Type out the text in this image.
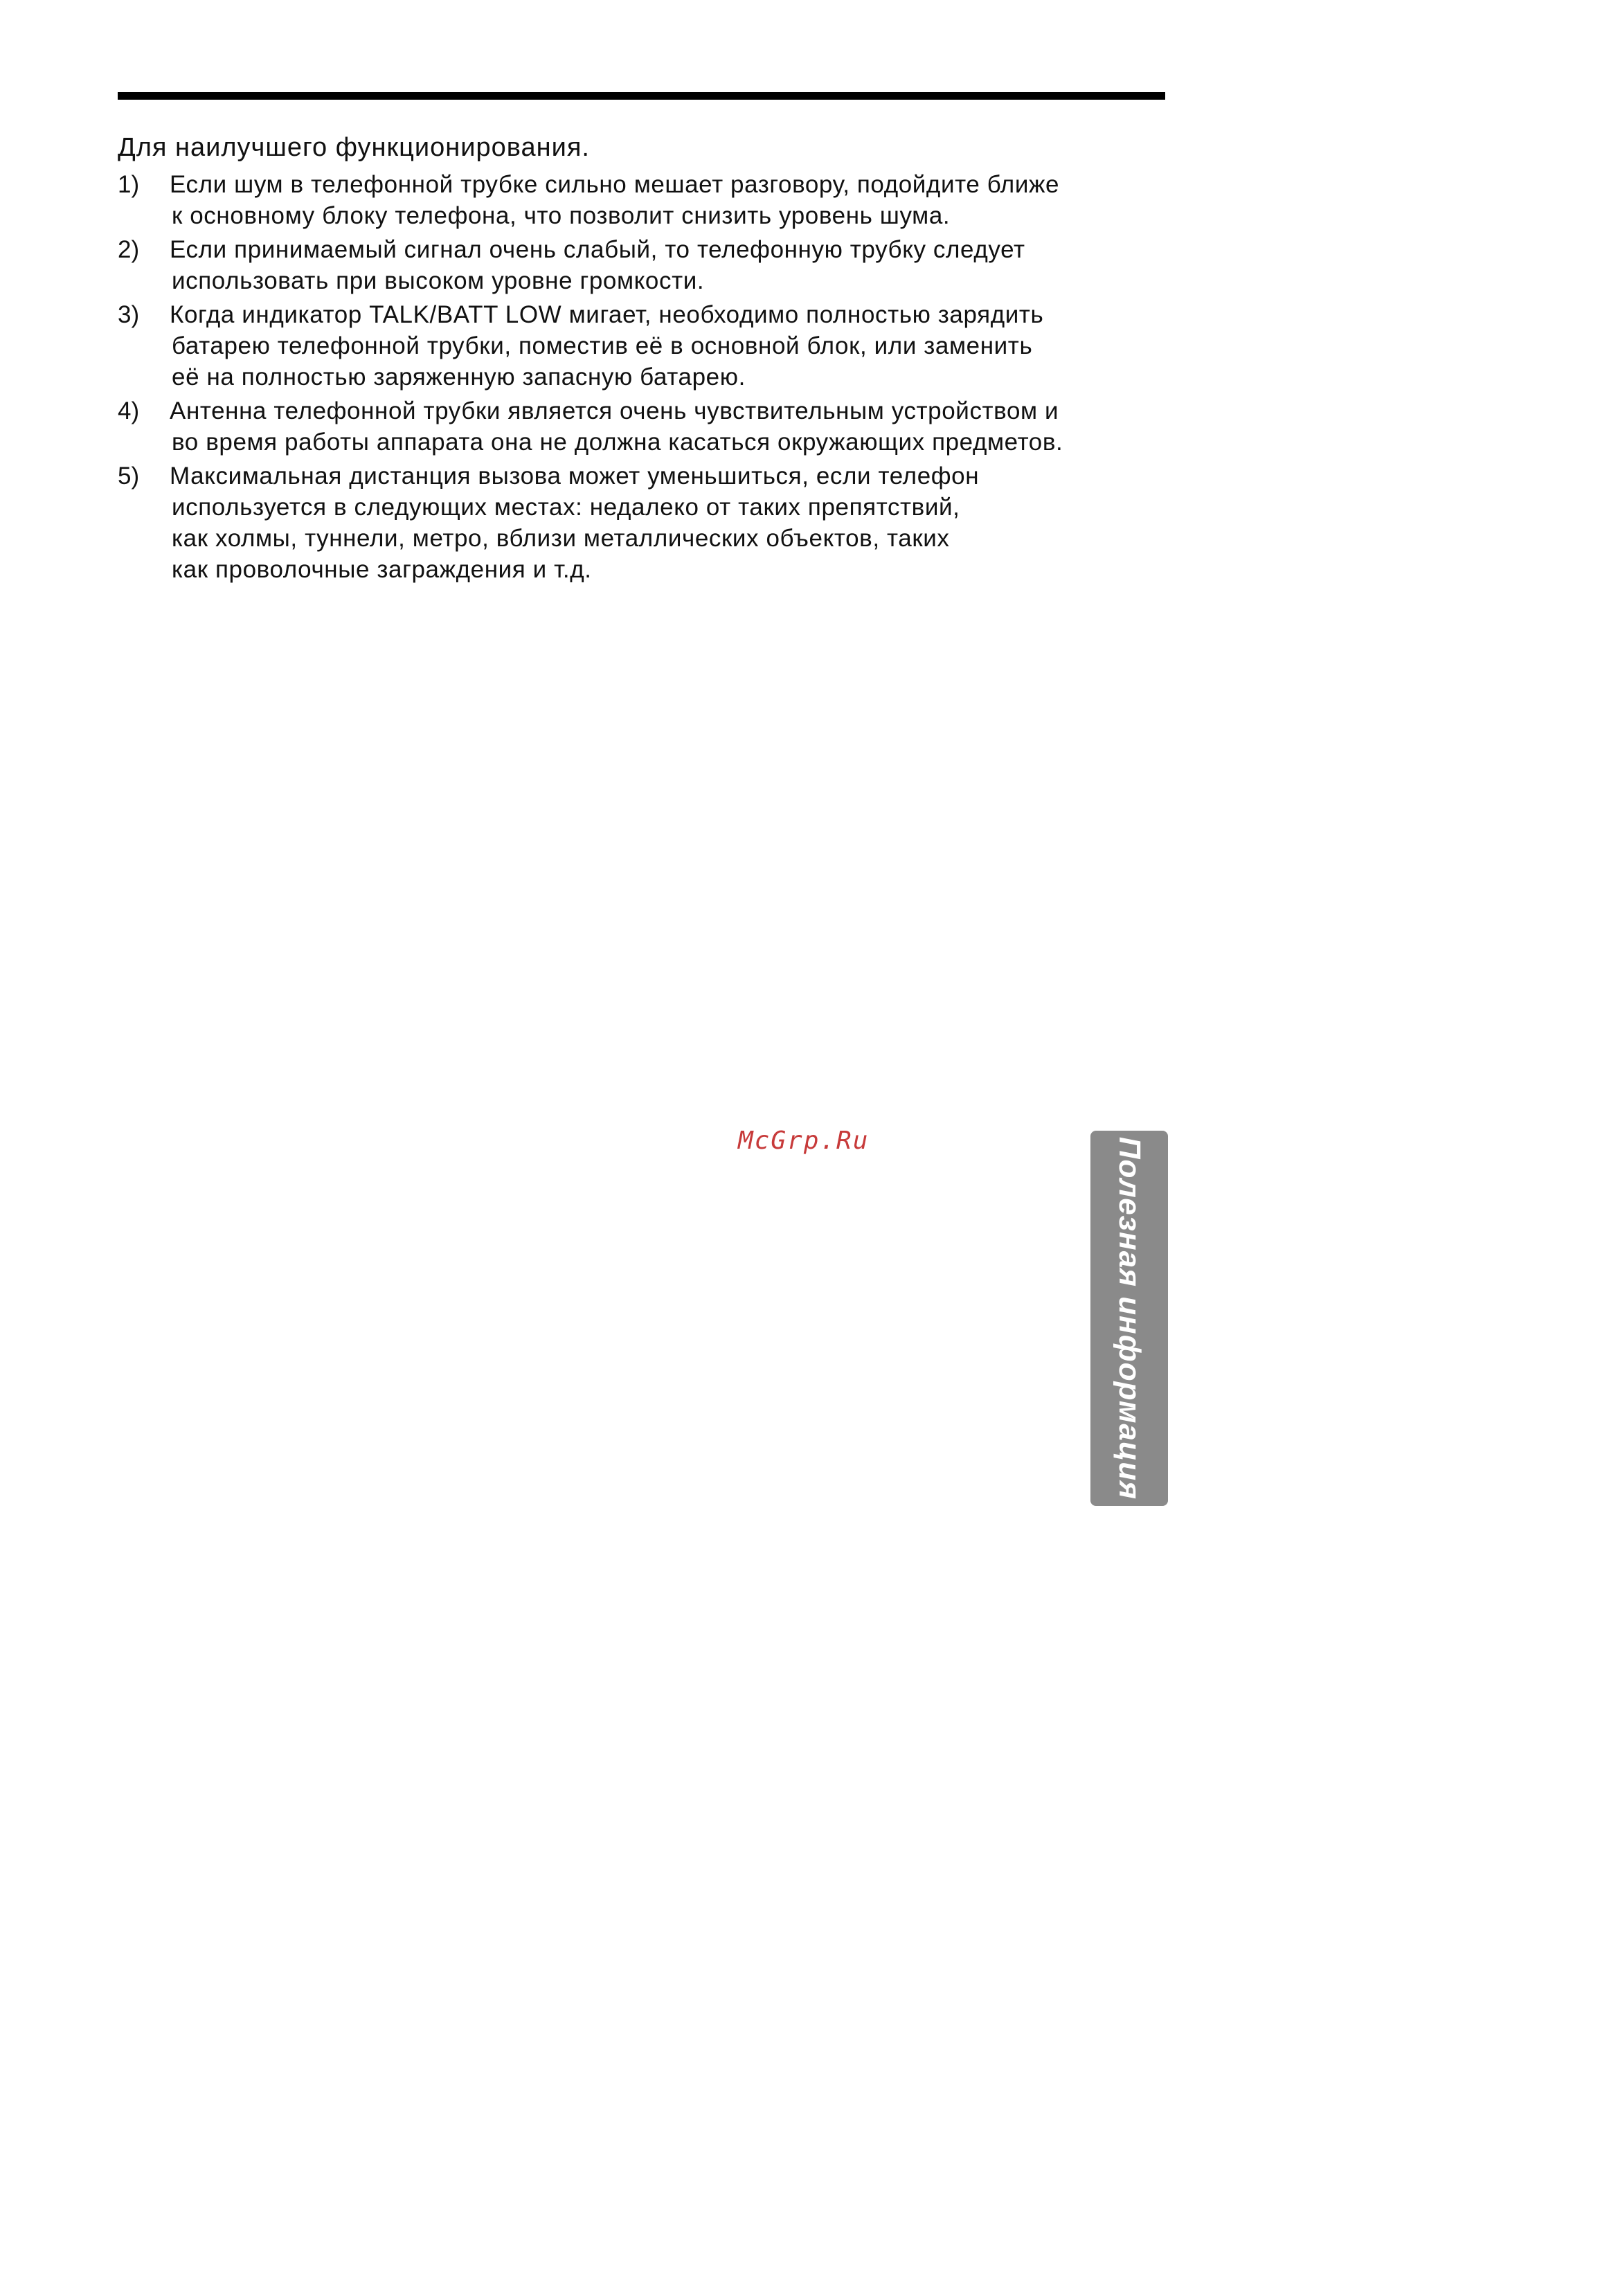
Для наилучшего функционирования.
1)	Если шум в телефонной трубке сильно мешает разговору, подойдите ближе
к основному блоку телефона, что позволит снизить уровень шума.
2)	Если принимаемый сигнал очень слабый, то телефонную трубку следует
использовать при высоком уровне громкости.
3)	Когда индикатор TALK/BATT LOW мигает, необходимо полностью зарядить
батарею телефонной трубки, поместив её в основной блок, или заменить
её на полностью заряженную запасную батарею.
4)	Антенна телефонной трубки является очень чувствительным устройством и
во время работы аппарата она не должна касаться окружающих предметов.
5)	Максимальная дистанция вызова может уменьшиться, если телефон
используется в следующих местах: недалеко от таких препятствий,
как холмы, туннели, метро, вблизи металлических объектов, таких
как проволочные заграждения и т.д.
McGrp.Ru	Полезная информация
